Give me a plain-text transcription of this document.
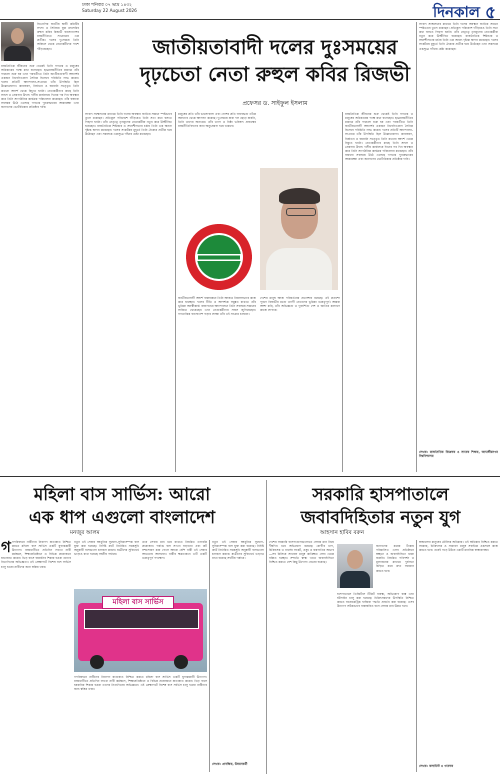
ঢাকা শনিবার ০৭ ভাদ্র ১৪৩২
Saturday 22 August 2026	দিনকাল ৫
বিএনপির জাতীয় স্থায়ী কমিটির সদস্য ও সিনিয়র যুগ্ম মহাসচিব রুহুল কবির রিজভী বাংলাদেশের রাজনীতিতে সংগ্রামের এক প্রতীক। দলের দুঃসময়ে তিনি অবিচল থেকে নেতাকর্মীদের পাশে দাঁড়িয়েছেন।	জাতীয়তাবাদী দলের দুঃসময়ের
দৃঢ়চেতা নেতা রুহুল কবির রিজভী
প্রফেসর ড. সাইফুল ইসলাম
রাজনৈতিক জীবনের শুরু থেকেই তিনি গণতন্ত্র ও মানুষের অধিকারের পক্ষে কথা বলেছেন। ছাত্ররাজনীতির মাধ্যমে তাঁর পথচলা শুরু হয় এবং পরবর্তীতে তিনি জাতীয়তাবাদী আদর্শের একজন নিবেদিতপ্রাণ সৈনিক হিসেবে পরিচিতি লাভ করেন। দলের প্রতিটি আন্দোলন-সংগ্রামে তাঁর উপস্থিতি ছিল উল্লেখযোগ্য। কারাবরণ, নির্যাতন ও হয়রানি সত্ত্বেও তিনি কখনো আদর্শ থেকে বিচ্যুত হননি। নেতাকর্মীদের কাছে তিনি সাহস ও প্রেরণার উৎস। দলীয় কার্যালয়ে দিনের পর দিন অবস্থান করে তিনি সাংগঠনিক কার্যক্রম পরিচালনা করেছেন। তাঁর বক্তব্যে সবসময় উঠে এসেছে গণতন্ত্র পুনরুদ্ধারের আকাঙ্ক্ষা এবং জনগণের ভোটাধিকার প্রতিষ্ঠার দাবি।
সংবাদ সম্মেলনের মাধ্যমে তিনি দলের অবস্থান জাতির সামনে স্পষ্টভাবে তুলে ধরেছেন। প্রতিকূল পরিবেশে দাঁড়িয়েও তিনি সত্য কথা বলতে পিছপা হননি। তাঁর নেতৃত্বে তৃণমূলের নেতাকর্মীরা নতুন করে উজ্জীবিত হয়েছেন। রাজনৈতিক শিষ্টাচার ও সহনশীলতার চর্চায় তিনি এক অনন্য দৃষ্টান্ত স্থাপন করেছেন। দলের সংকটময় মুহূর্তে তিনি ঐক্যের প্রতীক হয়ে উঠেছেন এবং সকলকে একসূত্রে গাঁথার চেষ্টা করেছেন।
মানুষের প্রতি তাঁর ভালোবাসা এবং দেশের প্রতি দায়বদ্ধতা তাঁকে অন্যদের থেকে আলাদা করেছে। দুঃসময়ে যারা দল ছেড়ে যায়নি, তিনি তাদের অন্যতম। তাঁর ত্যাগ ও নিষ্ঠা ভবিষ্যৎ প্রজন্মের রাজনীতিবিদদের জন্য অনুপ্রেরণা হয়ে থাকবে।
জাতীয়তাবাদী আদর্শ বাস্তবায়নে তিনি আজও নিরলসভাবে কাজ করে যাচ্ছেন। দলের নীতি ও আদর্শকে সমুন্নত রাখতে তাঁর ভূমিকা অনস্বীকার্য। রাজপথের আন্দোলনে তিনি সবসময় সামনের সারিতে থেকেছেন এবং নেতাকর্মীদের সাহস জুগিয়েছেন। গণতান্ত্রিক বাংলাদেশ গড়ার লক্ষ্যে তাঁর এই সংগ্রাম চলমান।
দেশের মানুষ আজ পরিবর্তনের প্রত্যাশায় রয়েছে। এই প্রত্যাশা পূরণে রিজভীর মতো ত্যাগী নেতাদের ভূমিকা গুরুত্বপূর্ণ। আমরা আশা করি, তাঁর অভিজ্ঞতা ও দূরদর্শিতা দেশ ও জাতির কল্যাণে কাজে লাগবে।
রাজনৈতিক জীবনের শুরু থেকেই তিনি গণতন্ত্র ও মানুষের অধিকারের পক্ষে কথা বলেছেন। ছাত্ররাজনীতির মাধ্যমে তাঁর পথচলা শুরু হয় এবং পরবর্তীতে তিনি জাতীয়তাবাদী আদর্শের একজন নিবেদিতপ্রাণ সৈনিক হিসেবে পরিচিতি লাভ করেন। দলের প্রতিটি আন্দোলন-সংগ্রামে তাঁর উপস্থিতি ছিল উল্লেখযোগ্য। কারাবরণ, নির্যাতন ও হয়রানি সত্ত্বেও তিনি কখনো আদর্শ থেকে বিচ্যুত হননি। নেতাকর্মীদের কাছে তিনি সাহস ও প্রেরণার উৎস। দলীয় কার্যালয়ে দিনের পর দিন অবস্থান করে তিনি সাংগঠনিক কার্যক্রম পরিচালনা করেছেন। তাঁর বক্তব্যে সবসময় উঠে এসেছে গণতন্ত্র পুনরুদ্ধারের আকাঙ্ক্ষা এবং জনগণের ভোটাধিকার প্রতিষ্ঠার দাবি।
সংবাদ সম্মেলনের মাধ্যমে তিনি দলের অবস্থান জাতির সামনে স্পষ্টভাবে তুলে ধরেছেন। প্রতিকূল পরিবেশে দাঁড়িয়েও তিনি সত্য কথা বলতে পিছপা হননি। তাঁর নেতৃত্বে তৃণমূলের নেতাকর্মীরা নতুন করে উজ্জীবিত হয়েছেন। রাজনৈতিক শিষ্টাচার ও সহনশীলতার চর্চায় তিনি এক অনন্য দৃষ্টান্ত স্থাপন করেছেন। দলের সংকটময় মুহূর্তে তিনি ঐক্যের প্রতীক হয়ে উঠেছেন এবং সকলকে একসূত্রে গাঁথার চেষ্টা করেছেন।
লেখক: রাজনৈতিক বিশ্লেষক ও সাবেক শিক্ষক, জাহাঙ্গীরনগর বিশ্ববিদ্যালয়
মহিলা বাস সার্ভিস: আরো
এক ধাপ এগুলো বাংলাদেশ
মনজুর আলম
গণপরিবহনে নারীদের নিরাপদ যাতায়াত নিশ্চিত করতে মহিলা বাস সার্ভিস একটি যুগান্তকারী উদ্যোগ। রাজধানীতে প্রতিদিন লাখো নারী কর্মস্থলে, শিক্ষাপ্রতিষ্ঠানে ও বিভিন্ন প্রয়োজনে যাতায়াত করেন। ভিড় বাসে হয়রানির শিকার হওয়া তাদের নিত্যদিনের অভিজ্ঞতা। এই প্রেক্ষাপটে বিশেষ বাস সার্ভিস চালু হওয়া নারীদের জন্য স্বস্তির খবর।
নতুন এই সেবায় আধুনিক সুযোগ-সুবিধাসম্পন্ন বাস যুক্ত করা হয়েছে। নির্দিষ্ট রুটে নির্ধারিত সময়সূচি অনুযায়ী বাসগুলো চলাচল করবে। যাত্রীদের সুবিধার্থে ভাড়াও রাখা হয়েছে সহনীয় পর্যায়ে।
তবে সেবার মান ধরে রাখতে নিয়মিত তদারকি প্রয়োজন। পর্যাপ্ত বাস সংখ্যা বাড়ানো এবং রুট সম্প্রসারণ করা গেলে আরো বেশি নারী এই সেবার আওতায় আসবেন। নারীর ক্ষমতায়নে এটি একটি গুরুত্বপূর্ণ পদক্ষেপ।
মহিলা বাস সার্ভিস
ণপরিবহনে নারীদের নিরাপদ যাতায়াত নিশ্চিত করতে মহিলা বাস সার্ভিস একটি যুগান্তকারী উদ্যোগ। রাজধানীতে প্রতিদিন লাখো নারী কর্মস্থলে, শিক্ষাপ্রতিষ্ঠানে ও বিভিন্ন প্রয়োজনে যাতায়াত করেন। ভিড় বাসে হয়রানির শিকার হওয়া তাদের নিত্যদিনের অভিজ্ঞতা। এই প্রেক্ষাপটে বিশেষ বাস সার্ভিস চালু হওয়া নারীদের জন্য স্বস্তির খবর।
নতুন এই সেবায় আধুনিক সুযোগ-সুবিধাসম্পন্ন বাস যুক্ত করা হয়েছে। নির্দিষ্ট রুটে নির্ধারিত সময়সূচি অনুযায়ী বাসগুলো চলাচল করবে। যাত্রীদের সুবিধার্থে ভাড়াও রাখা হয়েছে সহনীয় পর্যায়ে।
লেখক: প্রাবন্ধিক, উন্নয়নকর্মী
সরকারি হাসপাতালে
জবাবদিহিতার নতুন যুগ
আহসান হাবিব বরুন
দেশের সরকারি হাসপাতালগুলোতে সেবার মান নিয়ে দীর্ঘদিন ধরে অভিযোগ রয়েছে। রোগীর চাপ, চিকিৎসক ও নার্সের সংকট, ওষুধ ও যন্ত্রপাতির অভাব—সব মিলিয়ে সাধারণ মানুষ কাঙ্ক্ষিত সেবা থেকে বঞ্চিত হচ্ছেন। সম্প্রতি স্বাস্থ্য খাতে জবাবদিহিতা নিশ্চিত করতে বেশ কিছু উদ্যোগ নেওয়া হয়েছে।
জনগণের করের টাকায় পরিচালিত এসব প্রতিষ্ঠানে স্বচ্ছতা ও জবাবদিহিতা থাকা জরুরি। নিয়মিত পরিদর্শন ও মূল্যায়নের মাধ্যমে দুর্বলতা চিহ্নিত করে দ্রুত সমাধান করতে হবে।
হাসপাতালে ডিজিটাল টিকিট ব্যবস্থা, অভিযোগ বাক্স এবং হটলাইন চালু করা হয়েছে। চিকিৎসকদের উপস্থিতি নিশ্চিত করতে বায়োমেট্রিক হাজিরা পদ্ধতি প্রবর্তন করা হয়েছে। এসব উদ্যোগ সঠিকভাবে বাস্তবায়িত হলে সেবার মান উন্নত হবে।
স্বাস্থ্যসেবা মানুষের মৌলিক অধিকার। এই অধিকার নিশ্চিত করতে সরকার, চিকিৎসক ও সাধারণ মানুষ সবাইকে একসঙ্গে কাজ করতে হবে। তবেই গড়ে উঠবে একটি মানবিক স্বাস্থ্যব্যবস্থা।
লেখক: কলামিস্ট ও গবেষক
